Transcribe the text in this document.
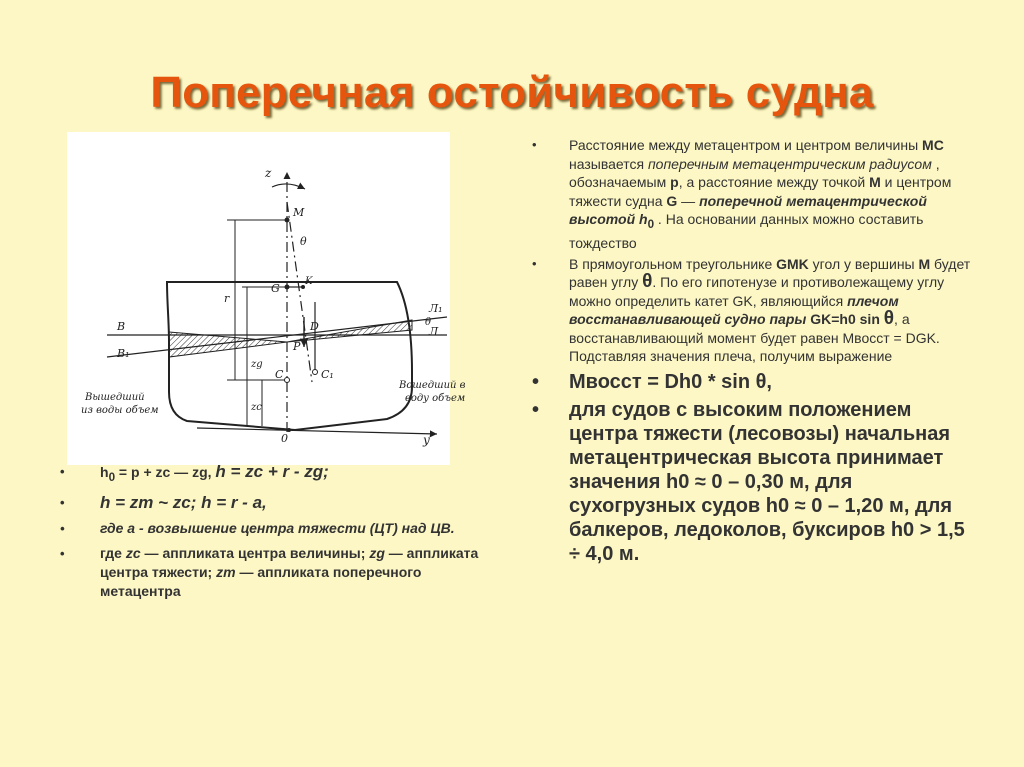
Поперечная остойчивость судна
z
M
θ
G
K
D
P
C	C₁
0	y
r
zg
zc
B
B₁
Л
Л₁
θ
Вышедший
из воды объем
Вошедший в
воду объем
•	$h_0 = р$ + zс — zg, h = zc + r - zg;
• h = zm ~ zc; h = r - a,
•	где а - возвышение центра тяжести (ЦТ) над ЦВ.
•	где zc — аппликата центра величины; zg — аппликата центра тяжести; zm — аппликата поперечного метацентра
• Расстояние между метацентром и центром величины МС называется поперечным метацентрическим радиусом , обозначаемым р, а расстояние между точкой М и центром тяжести судна G — поперечной метацентрической высотой $h_0$ . На основании данных можно составить тождество
• В прямоугольном треугольнике GMK угол у вершины М будет равен углу θ. По его гипотенузе и противолежащему углу можно определить катет GK, являющийся плечом восстанавливающей судно пары GK=h0 sin θ, а восстанавливающий момент будет равен Мвосст = DGK. Подставляя значения плеча, получим выражение
• Мвосст = Dh0 * sin θ,
• для судов с высоким положением центра тяжести (лесовозы) начальная метацентрическая высота принимает значения h0 ≈ 0 – 0,30 м, для сухогрузных судов h0 ≈ 0 – 1,20 м, для балкеров, ледоколов, буксиров h0 > 1,5 ÷ 4,0 м.
